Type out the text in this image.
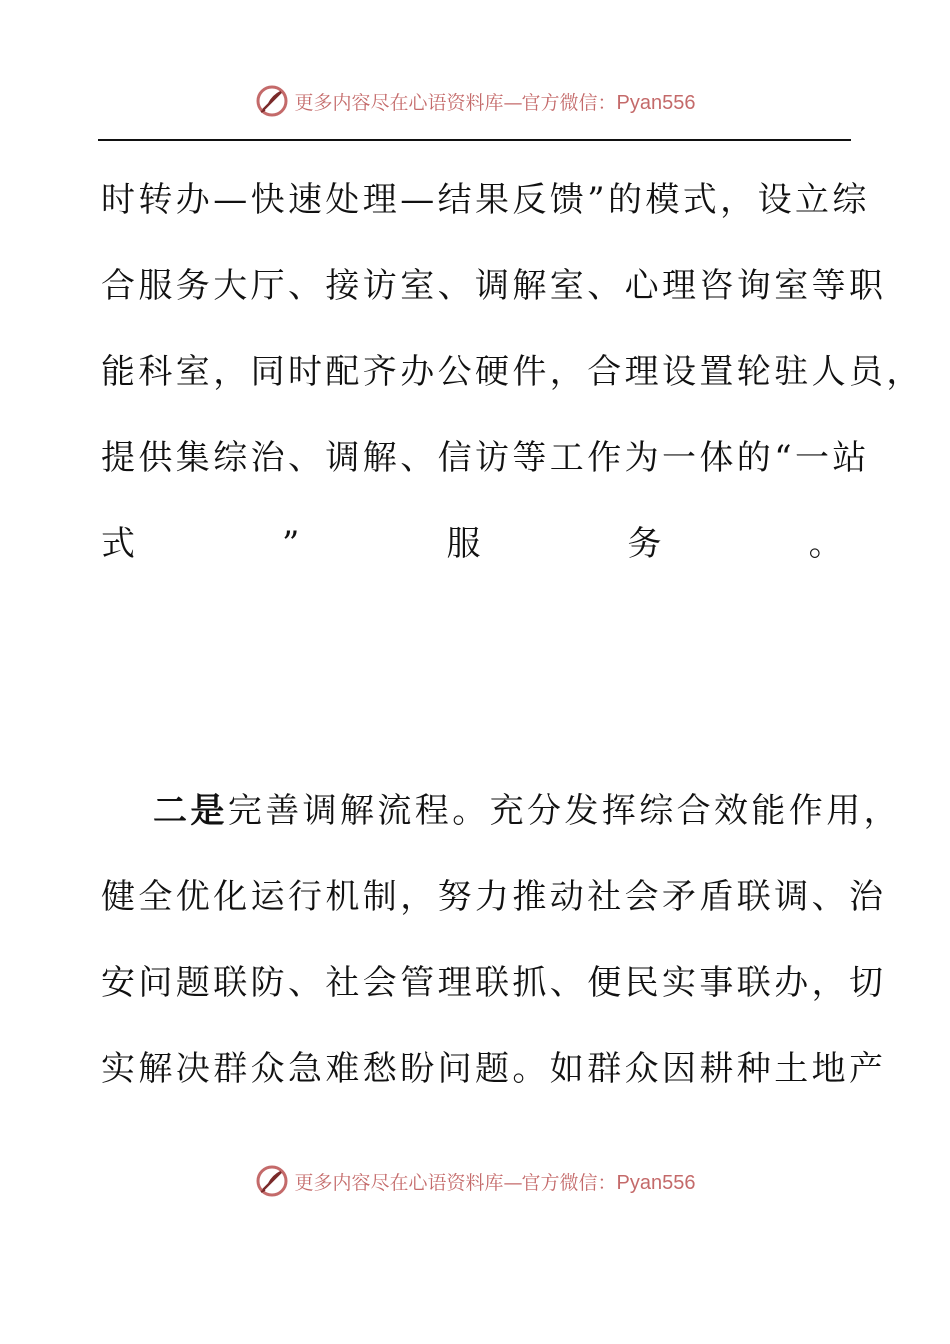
更多内容尽在心语资料库—官方微信：Pyan556
时转办—快速处理—结果反馈”的模式，设立综
合服务大厅、接访室、调解室、心理咨询室等职
能科室，同时配齐办公硬件，合理设置轮驻人员，
提供集综治、调解、信访等工作为一体的“一站
式	”	服	务	。
二是完善调解流程。充分发挥综合效能作用，
健全优化运行机制，努力推动社会矛盾联调、治
安问题联防、社会管理联抓、便民实事联办，切
实解决群众急难愁盼问题。如群众因耕种土地产
更多内容尽在心语资料库—官方微信：Pyan556
